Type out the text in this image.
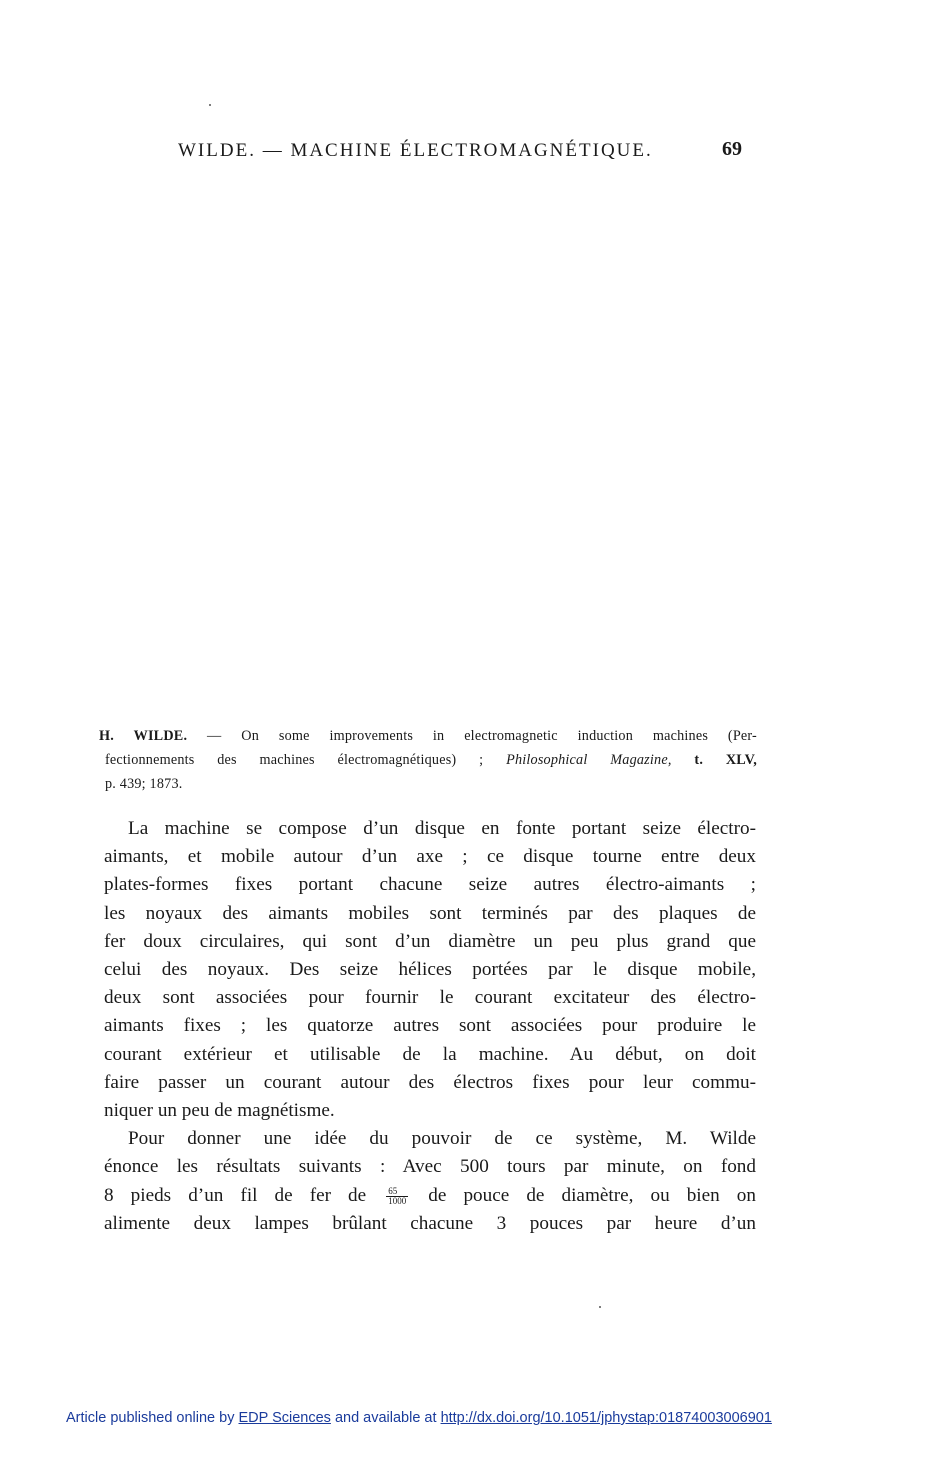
WILDE. — MACHINE ÉLECTROMAGNÉTIQUE.	69
H. WILDE. — On some improvements in electromagnetic induction machines (Per-
fectionnements des machines électromagnétiques) ; Philosophical Magazine, t. XLV,
p. 439; 1873.
La machine se compose d’un disque en fonte portant seize électro-
aimants, et mobile autour d’un axe ; ce disque tourne entre deux
plates-formes fixes portant chacune seize autres électro-aimants ;
les noyaux des aimants mobiles sont terminés par des plaques de
fer doux circulaires, qui sont d’un diamètre un peu plus grand que
celui des noyaux. Des seize hélices portées par le disque mobile,
deux sont associées pour fournir le courant excitateur des électro-
aimants fixes ; les quatorze autres sont associées pour produire le
courant extérieur et utilisable de la machine. Au début, on doit
faire passer un courant autour des électros fixes pour leur commu-
niquer un peu de magnétisme.
Pour donner une idée du pouvoir de ce système, M. Wilde
énonce les résultats suivants : Avec 500 tours par minute, on fond
8 pieds d’un fil de fer de $\frac{65}{1000}$ de pouce de diamètre, ou bien on
alimente deux lampes brûlant chacune 3 pouces par heure d’un
Article published online by EDP Sciences and available at http://dx.doi.org/10.1051/jphystap:01874003006901
